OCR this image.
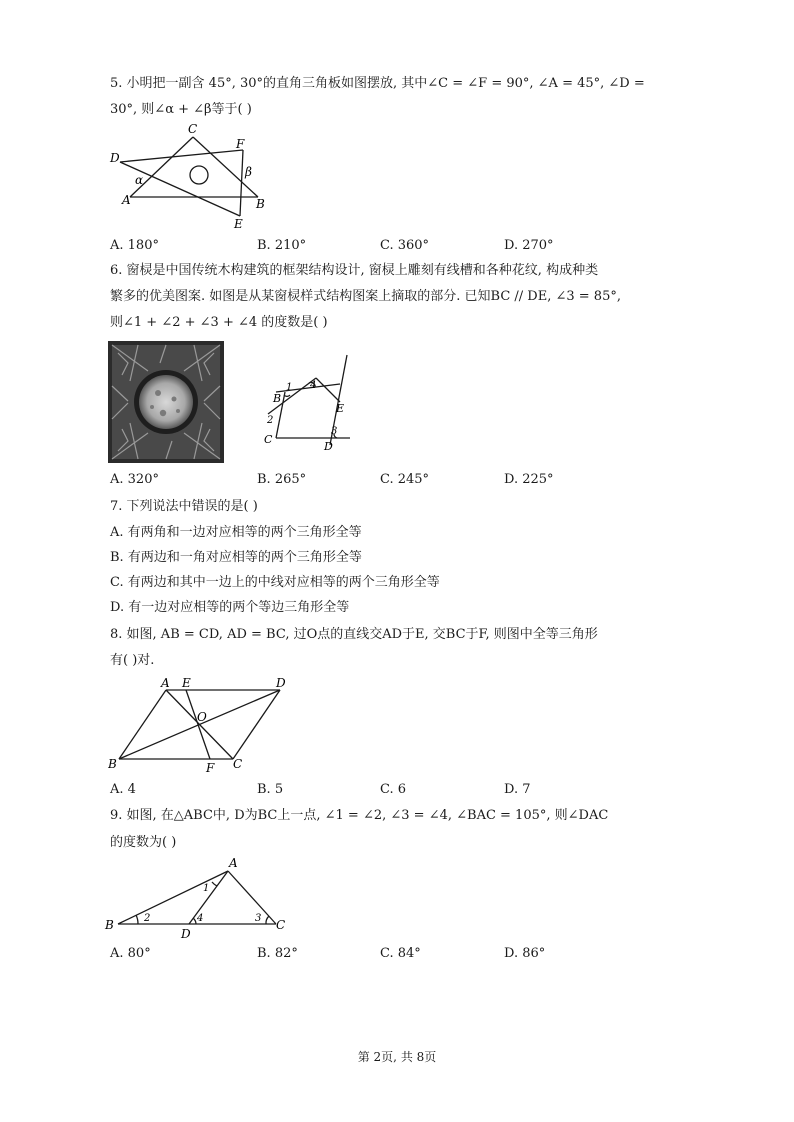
5. 小明把一副含 45°, 30°的直角三角板如图摆放, 其中∠C = ∠F = 90°, ∠A = 45°, ∠D =
30°, 则∠α + ∠β等于( )
C
F
D
α
β
A	B
E
A. 180°	B. 210°	C. 360°	D. 270°
6. 窗棂是中国传统木构建筑的框架结构设计, 窗棂上雕刻有线槽和各种花纹, 构成种类
繁多的优美图案. 如图是从某窗棂样式结构图案上摘取的部分. 已知BC // DE, ∠3 = 85°,
则∠1 + ∠2 + ∠3 + ∠4 的度数是( )
1 4
B
E
2
3
C
D
A. 320°	B. 265°	C. 245°	D. 225°
7. 下列说法中错误的是( )
A. 有两角和一边对应相等的两个三角形全等
B. 有两边和一角对应相等的两个三角形全等
C. 有两边和其中一边上的中线对应相等的两个三角形全等
D. 有一边对应相等的两个等边三角形全等
8. 如图, AB = CD, AD = BC, 过O点的直线交AD于E, 交BC于F, 则图中全等三角形
有( )对.
A E	D
O
B	F C
A. 4	B. 5	C. 6	D. 7
9. 如图, 在△ABC中, D为BC上一点, ∠1 = ∠2, ∠3 = ∠4, ∠BAC = 105°, 则∠DAC
的度数为( )
A
1
B	2	4	3 C
D
A. 80°	B. 82°	C. 84°	D. 86°
第 2页, 共 8页
